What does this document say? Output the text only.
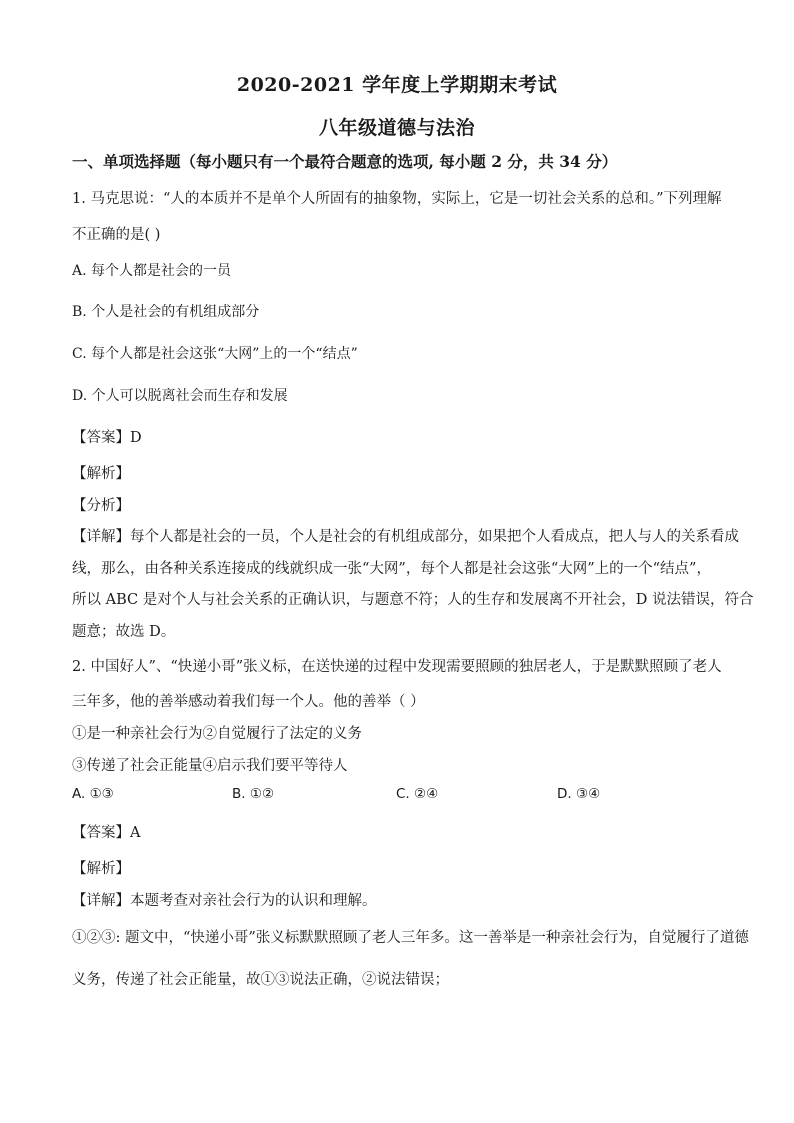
2020-2021 学年度上学期期末考试
八年级道德与法治
一、单项选择题（每小题只有一个最符合题意的选项, 每小题 2 分，共 34 分）
1. 马克思说：“人的本质并不是单个人所固有的抽象物，实际上，它是一切社会关系的总和。”下列理解
不正确的是( )
A. 每个人都是社会的一员
B. 个人是社会的有机组成部分
C. 每个人都是社会这张“大网”上的一个“结点”
D. 个人可以脱离社会而生存和发展
【答案】D
【解析】
【分析】
【详解】每个人都是社会的一员，个人是社会的有机组成部分，如果把个人看成点，把人与人的关系看成
线，那么，由各种关系连接成的线就织成一张“大网”，每个人都是社会这张“大网”上的一个“结点”，
所以 ABC 是对个人与社会关系的正确认识，与题意不符；人的生存和发展离不开社会，D 说法错误，符合
题意；故选 D。
2. 中国好人”、“快递小哥”张义标，在送快递的过程中发现需要照顾的独居老人，于是默默照顾了老人
三年多，他的善举感动着我们每一个人。他的善举（ ）
①是一种亲社会行为②自觉履行了法定的义务
③传递了社会正能量④启示我们要平等待人
A. ①③	B. ①②	C. ②④	D. ③④
【答案】A
【解析】
【详解】本题考查对亲社会行为的认识和理解。
①②③: 题文中，“快递小哥”张义标默默照顾了老人三年多。这一善举是一种亲社会行为，自觉履行了道德
义务，传递了社会正能量，故①③说法正确，②说法错误；
